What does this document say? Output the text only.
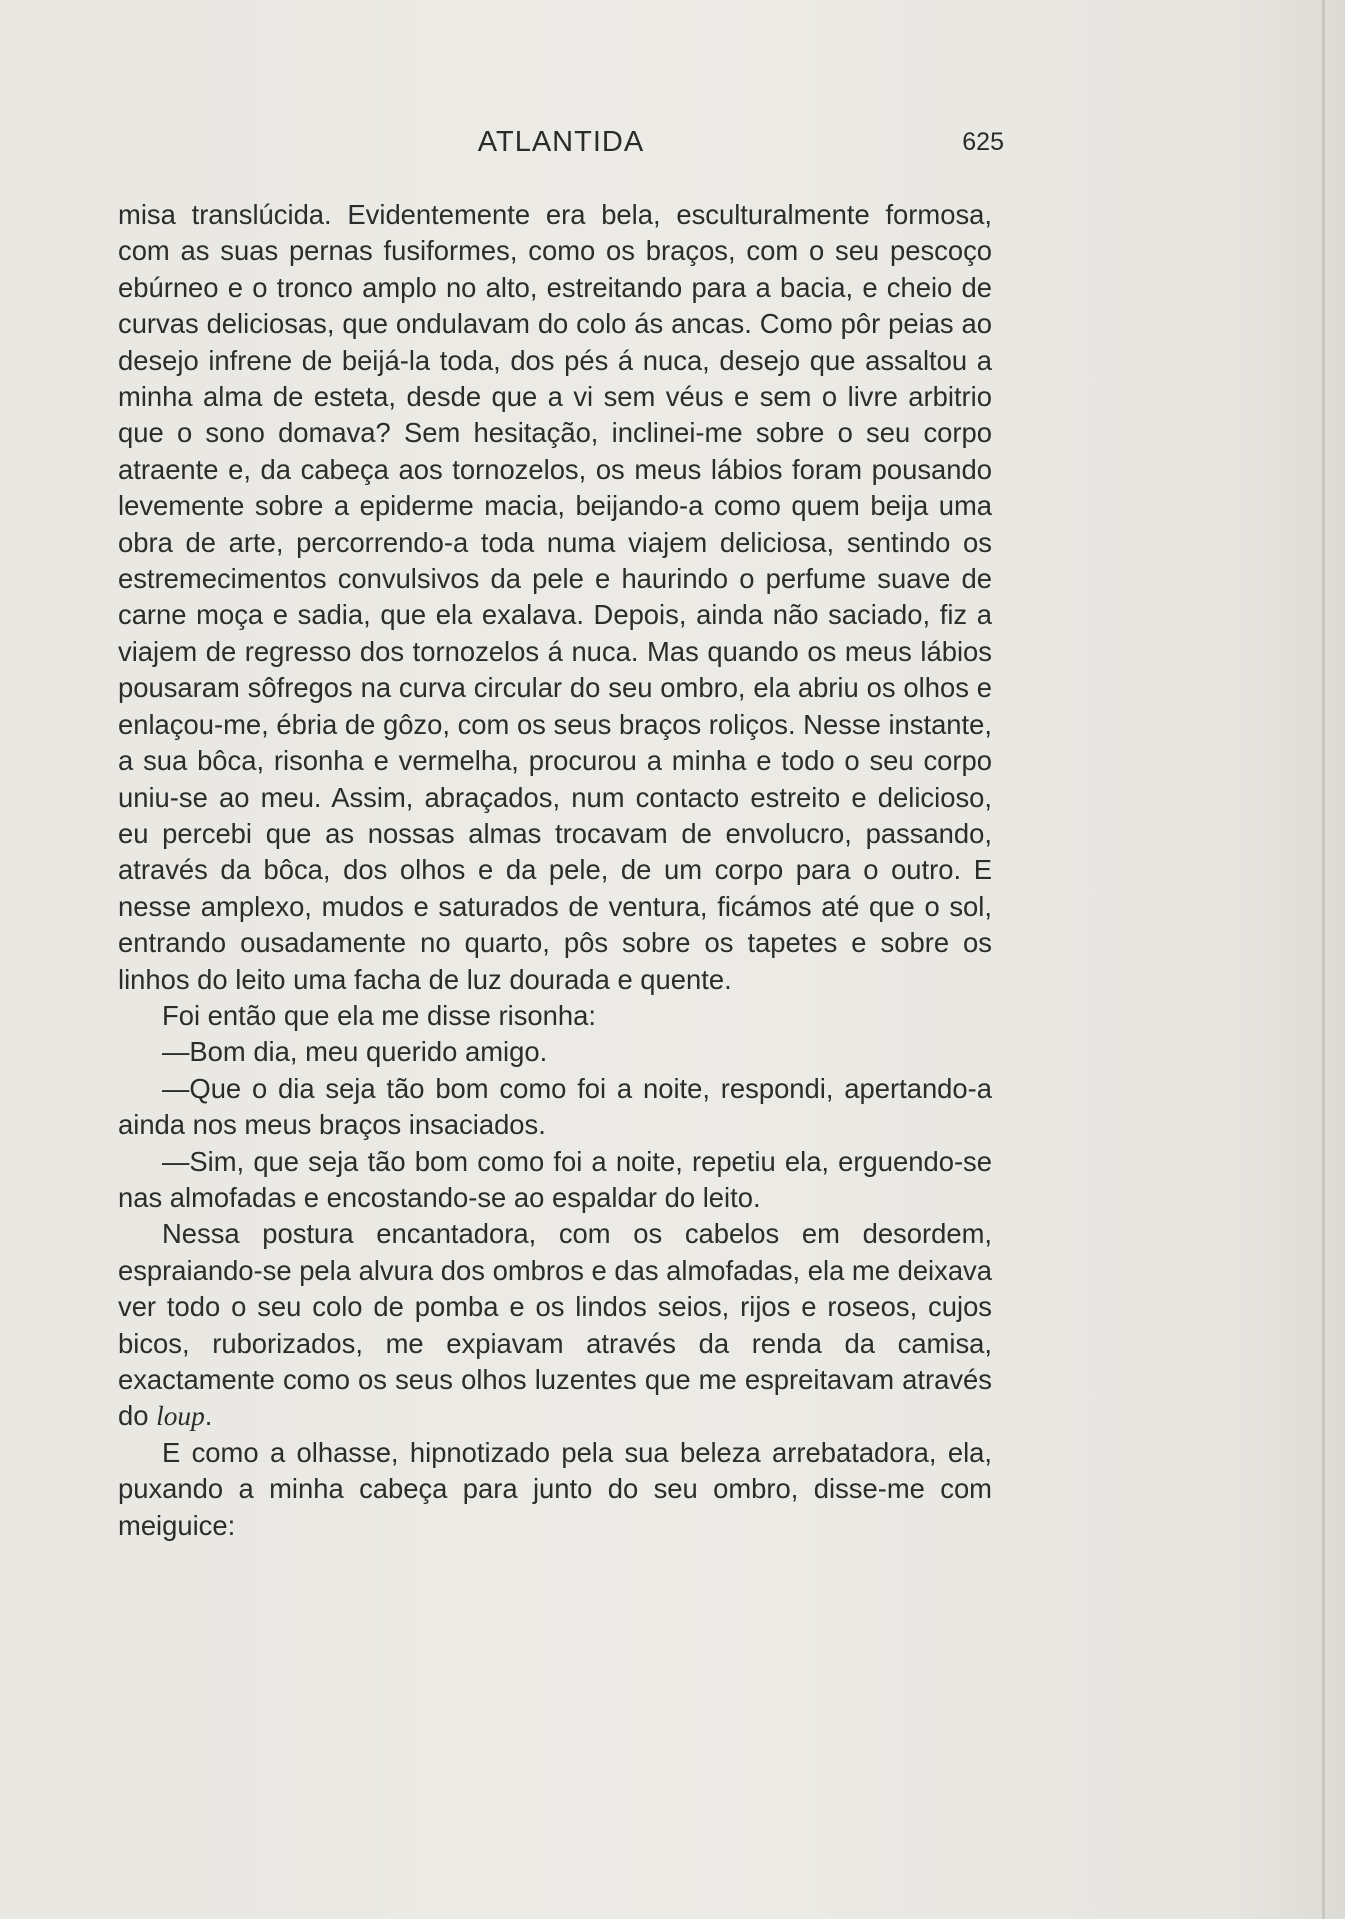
ATLANTIDA	625

misa translúcida. Evidentemente era bela, esculturalmente formosa, com as suas pernas fusiformes, como os braços, com o seu pescoço ebúrneo e o tronco amplo no alto, estreitando para a bacia, e cheio de curvas deliciosas, que ondulavam do colo ás ancas. Como pôr peias ao desejo infrene de beijá-la toda, dos pés á nuca, desejo que assaltou a minha alma de esteta, desde que a vi sem véus e sem o livre arbitrio que o sono domava? Sem hesitação, inclinei-me sobre o seu corpo atraente e, da cabeça aos tornozelos, os meus lábios foram pousando levemente sobre a epiderme macia, beijando-a como quem beija uma obra de arte, percorrendo-a toda numa viajem deliciosa, sentindo os estremecimentos convulsivos da pele e haurindo o perfume suave de carne moça e sadia, que ela exalava. Depois, ainda não saciado, fiz a viajem de regresso dos tornozelos á nuca. Mas quando os meus lábios pousaram sôfregos na curva circular do seu ombro, ela abriu os olhos e enlaçou-me, ébria de gôzo, com os seus braços roliços. Nesse instante, a sua bôca, risonha e vermelha, procurou a minha e todo o seu corpo uniu-se ao meu. Assim, abraçados, num contacto estreito e delicioso, eu percebi que as nossas almas trocavam de envolucro, passando, através da bôca, dos olhos e da pele, de um corpo para o outro. E nesse amplexo, mudos e saturados de ventura, ficámos até que o sol, entrando ousadamente no quarto, pôs sobre os tapetes e sobre os linhos do leito uma facha de luz dourada e quente.

Foi então que ela me disse risonha:

—Bom dia, meu querido amigo.

—Que o dia seja tão bom como foi a noite, respondi, apertando-a ainda nos meus braços insaciados.

—Sim, que seja tão bom como foi a noite, repetiu ela, erguendo-se nas almofadas e encostando-se ao espaldar do leito.

Nessa postura encantadora, com os cabelos em desordem, espraiando-se pela alvura dos ombros e das almofadas, ela me deixava ver todo o seu colo de pomba e os lindos seios, rijos e roseos, cujos bicos, ruborizados, me expiavam através da renda da camisa, exactamente como os seus olhos luzentes que me espreitavam através do loup.

E como a olhasse, hipnotizado pela sua beleza arrebatadora, ela, puxando a minha cabeça para junto do seu ombro, disse-me com meiguice:
